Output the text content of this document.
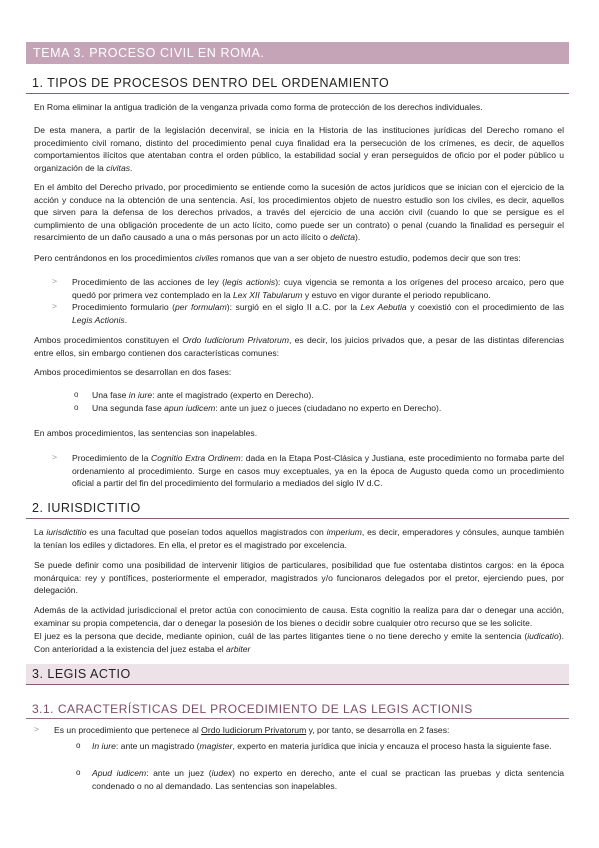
TEMA 3. PROCESO CIVIL EN ROMA.
1. TIPOS DE PROCESOS DENTRO DEL ORDENAMIENTO

En Roma eliminar la antigua tradición de la venganza privada como forma de protección de los derechos individuales.

De esta manera, a partir de la legislación decenviral, se inicia en la Historia de las instituciones jurídicas del Derecho romano el procedimiento civil romano, distinto del procedimiento penal cuya finalidad era la persecución de los crímenes, es decir, de aquellos comportamientos ilícitos que atentaban contra el orden público, la estabilidad social y eran perseguidos de oficio por el poder público u organización de la civitas.

En el ámbito del Derecho privado, por procedimiento se entiende como la sucesión de actos jurídicos que se inician con el ejercicio de la acción y conduce na la obtención de una sentencia. Así, los procedimientos objeto de nuestro estudio son los civiles, es decir, aquellos que sirven para la defensa de los derechos privados, a través del ejercicio de una acción civil (cuando lo que se persigue es el cumplimiento de una obligación procedente de un acto lícito, como puede ser un contrato) o penal (cuando la finalidad es perseguir el resarcimiento de un daño causado a una o más personas por un acto ilícito o delicta).

Pero centrándonos en los procedimientos civiles romanos que van a ser objeto de nuestro estudio, podemos decir que son tres:

> Procedimiento de las acciones de ley (legis actionis): cuya vigencia se remonta a los orígenes del proceso arcaico, pero que quedó por primera vez contemplado en la Lex XII Tabularum y estuvo en vigor durante el periodo republicano.

> Procedimiento formulario (per formulam): surgió en el siglo II a.C. por la Lex Aebutia y coexistió con el procedimiento de las Legis Actionis.

Ambos procedimientos constituyen el Ordo Iudiciorum Privatorum, es decir, los juicios privados que, a pesar de las distintas diferencias entre ellos, sin embargo contienen dos características comunes:

Ambos procedimientos se desarrollan en dos fases:

o Una fase in iure: ante el magistrado (experto en Derecho).

o Una segunda fase apun iudicem: ante un juez o jueces (ciudadano no experto en Derecho).

En ambos procedimientos, las sentencias son inapelables.

> Procedimiento de la Cognitio Extra Ordinem: dada en la Etapa Post-Clásica y Justiana, este procedimiento no formaba parte del ordenamiento al procedimiento. Surge en casos muy exceptuales, ya en la época de Augusto queda como un procedimiento oficial a partir del fin del procedimiento del formulario a mediados del siglo IV d.C.

2. IURISDICTITIO

La iurisdictitio es una facultad que poseían todos aquellos magistrados con imperium, es decir, emperadores y cónsules, aunque también la tenían los ediles y dictadores. En ella, el pretor es el magistrado por excelencia.

Se puede definir como una posibilidad de intervenir litigios de particulares, posibilidad que fue ostentaba distintos cargos: en la época monárquica: rey y pontífices, posteriormente el emperador, magistrados y/o funcionaros delegados por el pretor, ejerciendo pues, por delegación.

Además de la actividad jurisdiccional el pretor actúa con conocimiento de causa. Esta cognitio la realiza para dar o denegar una acción, examinar su propia competencia, dar o denegar la posesión de los bienes o decidir sobre cualquier otro recurso que se les solicite.

El juez es la persona que decide, mediante opinion, cuál de las partes litigantes tiene o no tiene derecho y emite la sentencia (iudicatio). Con anterioridad a la existencia del juez estaba el arbiter

3. LEGIS ACTIO
3.1. CARACTERÍSTICAS DEL PROCEDIMIENTO DE LAS LEGIS ACTIONIS
> Es un procedimiento que pertenece al Ordo Iudiciorum Privatorum y, por tanto, se desarrolla en 2 fases:

o In iure: ante un magistrado (magister, experto en materia jurídica que inicia y encauza el proceso hasta la siguiente fase.

o Apud iudicem: ante un juez (iudex) no experto en derecho, ante el cual se practican las pruebas y dicta sentencia condenado o no al demandado. Las sentencias son inapelables.
